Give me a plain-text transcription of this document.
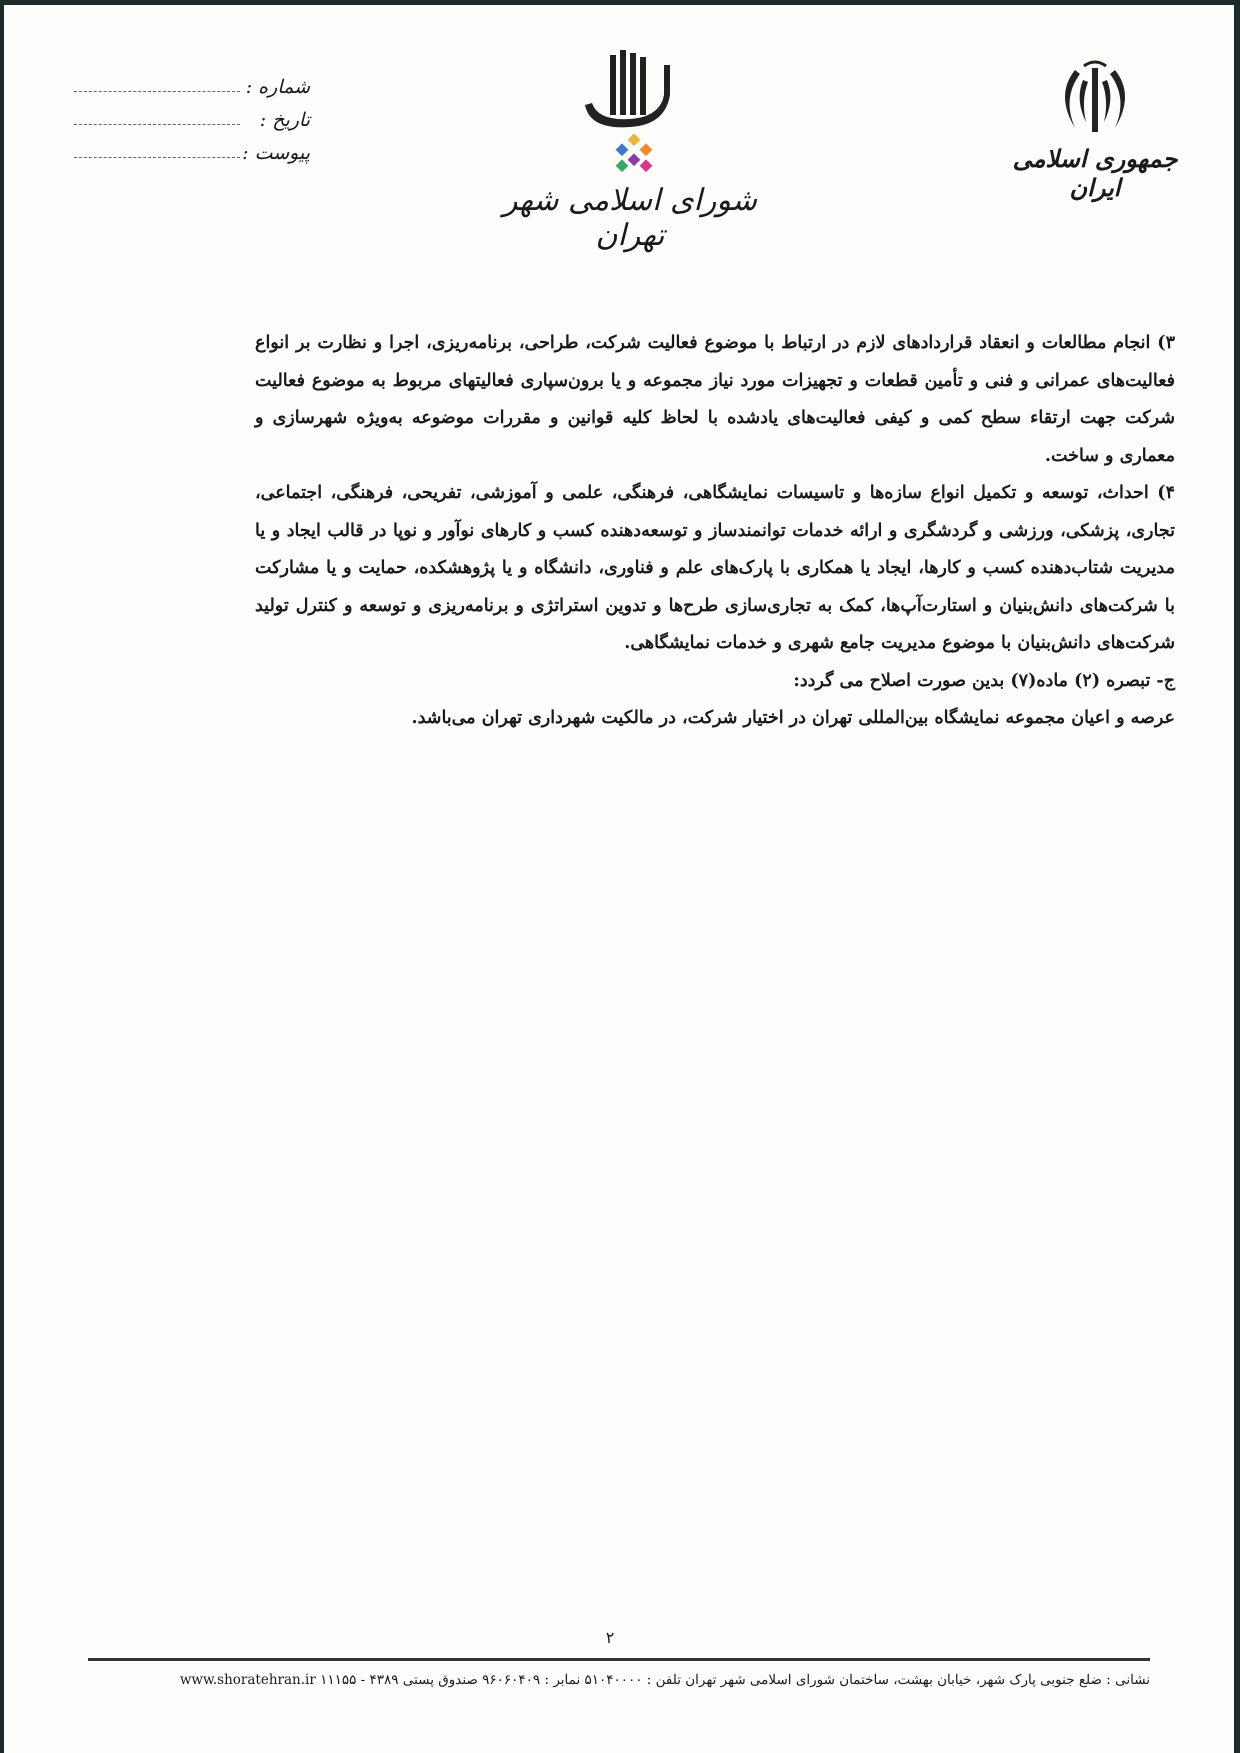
شماره :
تاریخ :
پیوست :
شورای اسلامی شهر تهران
جمهوری اسلامی ایران

۳) انجام مطالعات و انعقاد قراردادهای لازم در ارتباط با موضوع فعالیت شرکت، طراحی، برنامه‌ریزی، اجرا و نظارت بر انواع فعالیت‌های عمرانی و فنی و تأمین قطعات و تجهیزات مورد نیاز مجموعه و یا برون‌سپاری فعالیتهای مربوط به موضوع فعالیت شرکت جهت ارتقاء سطح کمی و کیفی فعالیت‌های یادشده با لحاظ کلیه قوانین و مقررات موضوعه به‌ویژه شهرسازی و معماری و ساخت.

۴) احداث، توسعه و تکمیل انواع سازه‌ها و تاسیسات نمایشگاهی، فرهنگی، علمی و آموزشی، تفریحی، فرهنگی، اجتماعی، تجاری، پزشکی، ورزشی و گردشگری و ارائه خدمات توانمندساز و توسعه‌دهنده کسب و کارهای نوآور و نوپا در قالب ایجاد و یا مدیریت شتاب‌دهنده کسب و کارها، ایجاد یا همکاری با پارک‌های علم و فناوری، دانشگاه و یا پژوهشکده، حمایت و یا مشارکت با شرکت‌های دانش‌بنیان و استارت‌آپ‌ها، کمک به تجاری‌سازی طرح‌ها و تدوین استراتژی و برنامه‌ریزی و توسعه و کنترل تولید شرکت‌های دانش‌بنیان با موضوع مدیریت جامع شهری و خدمات نمایشگاهی.

ج- تبصره (۲) ماده(۷) بدین صورت اصلاح می گردد:

عرصه و اعیان مجموعه نمایشگاه بین‌المللی تهران در اختیار شرکت، در مالکیت شهرداری تهران می‌باشد.

۲
نشانی : ضلع جنوبی پارک شهر، خیابان بهشت، ساختمان شورای اسلامی شهر تهران تلفن : ۵۱۰۴۰۰۰۰ نمابر : ۹۶۰۶۰۴۰۹ صندوق پستی ۴۳۸۹ - ۱۱۱۵۵ www.shoratehran.ir
